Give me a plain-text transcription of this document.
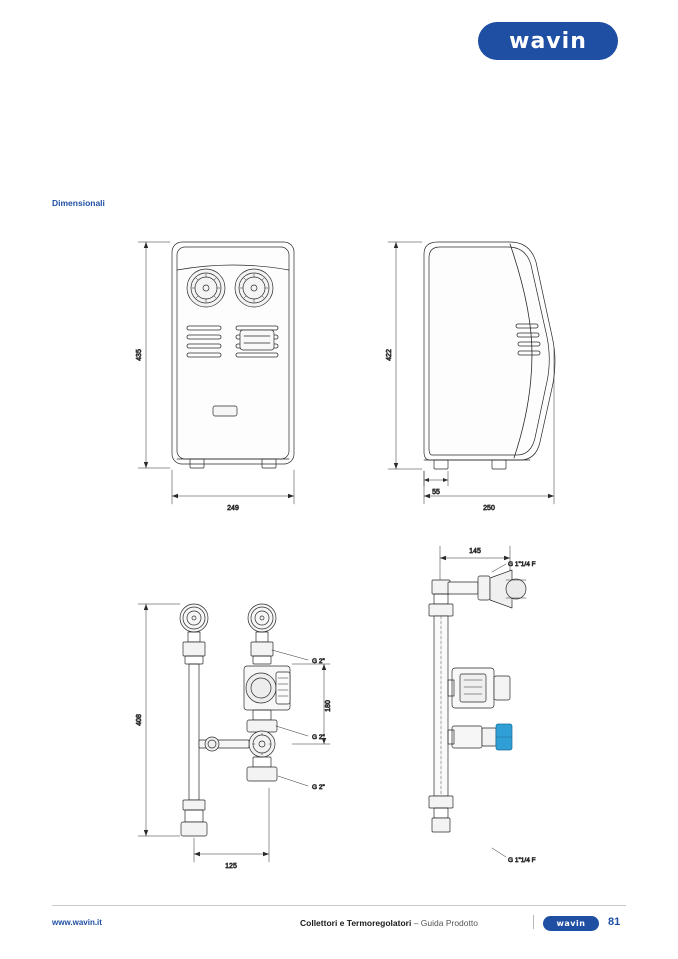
wavin
Dimensionali
435
249
422
55
250
408
180
G 2"
G 2"
G 2"
125
145
G 1"1/4 F
G 1"1/4 F
www.wavin.it	Collettori e Termoregolatori – Guida Prodotto	wavin 81
